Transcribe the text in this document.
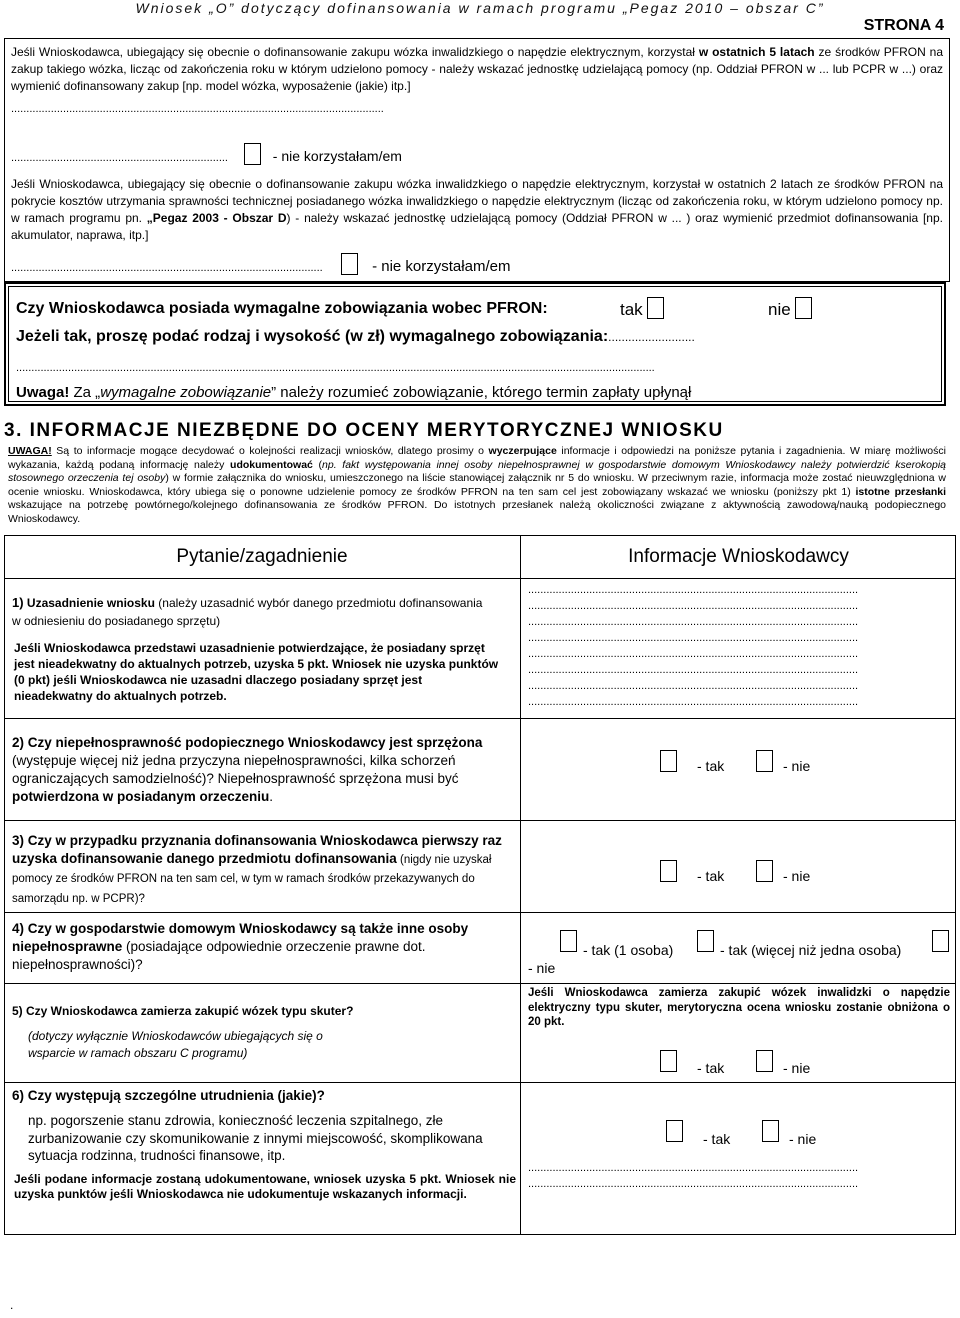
Wniosek „O” dotyczący dofinansowania w ramach programu „Pegaz 2010 – obszar C”
STRONA 4
Jeśli Wnioskodawca, ubiegający się obecnie o dofinansowanie zakupu wózka inwalidzkiego o napędzie elektrycznym, korzystał w ostatnich 5 latach ze środków PFRON na zakup takiego wózka, licząc od zakończenia roku w którym udzielono pomocy - należy wskazać jednostkę udzielającą pomocy (np. Oddział PFRON w ... lub PCPR w ...) oraz wymienić dofinansowany zakup [np. model wózka, wyposażenie (jakie) itp.]
..........................................................................................................................
.......................................................................	- nie korzystałam/em
Jeśli Wnioskodawca, ubiegający się obecnie o dofinansowanie zakupu wózka inwalidzkiego o napędzie elektrycznym, korzystał w ostatnich 2 latach ze środków PFRON na pokrycie kosztów utrzymania sprawności technicznej posiadanego wózka inwalidzkiego o napędzie elektrycznym (licząc od zakończenia roku, w którym udzielono pomocy np. w ramach programu pn. „Pegaz 2003 - Obszar D) - należy wskazać jednostkę udzielającą pomocy (Oddział PFRON w ... ) oraz wymienić przedmiot dofinansowania [np. akumulator, naprawa, itp.]
......................................................................................................	- nie korzystałam/em
Czy Wnioskodawca posiada wymagalne zobowiązania wobec PFRON:	tak	nie
Jeżeli tak, proszę podać rodzaj i wysokość (w zł) wymagalnego zobowiązania:..........................
.................................................................................................................................................................................................................
Uwaga! Za „wymagalne zobowiązanie” należy rozumieć zobowiązanie, którego termin zapłaty upłynął
3. INFORMACJE NIEZBĘDNE DO OCENY MERYTORYCZNEJ WNIOSKU
UWAGA! Są to informacje mogące decydować o kolejności realizacji wniosków, dlatego prosimy o wyczerpujące informacje i odpowiedzi na poniższe pytania i zagadnienia. W miarę możliwości wykazania, każdą podaną informację należy udokumentować (np. fakt występowania innej osoby niepełnosprawnej w gospodarstwie domowym Wnioskodawcy należy potwierdzić kserokopią stosownego orzeczenia tej osoby) w formie załącznika do wniosku, umieszczonego na liście stanowiącej załącznik nr 5 do wniosku. W przeciwnym razie, informacja może zostać nieuwzględniona w ocenie wniosku. Wnioskodawca, który ubiega się o ponowne udzielenie pomocy ze środków PFRON na ten sam cel jest zobowiązany wskazać we wniosku (poniższy pkt 1) istotne przesłanki wskazujące na potrzebę powtórnego/kolejnego dofinansowania ze środków PFRON. Do istotnych przesłanek należą okoliczności związane z aktywnością zawodową/nauką podopiecznego Wnioskodawcy.
Pytanie/zagadnienie	Informacje Wnioskodawcy
1) Uzasadnienie wniosku (należy uzasadnić wybór danego przedmiotu dofinansowania w odniesieniu do posiadanego sprzętu)
Jeśli Wnioskodawca przedstawi uzasadnienie potwierdzające, że posiadany sprzęt jest nieadekwatny do aktualnych potrzeb, uzyska 5 pkt. Wniosek nie uzyska punktów (0 pkt) jeśli Wnioskodawca nie uzasadni dlaczego posiadany sprzęt jest nieadekwatny do aktualnych potrzeb.
............................................................................................................
............................................................................................................
............................................................................................................
............................................................................................................
............................................................................................................
............................................................................................................
............................................................................................................
............................................................................................................
2) Czy niepełnosprawność podopiecznego Wnioskodawcy jest sprzężona (występuje więcej niż jedna przyczyna niepełnosprawności, kilka schorzeń ograniczających samodzielność)? Niepełnosprawność sprzężona musi być potwierdzona w posiadanym orzeczeniu.
- tak	- nie
3) Czy w przypadku przyznania dofinansowania Wnioskodawca pierwszy raz uzyska dofinansowanie danego przedmiotu dofinansowania (nigdy nie uzyskał pomocy ze środków PFRON na ten sam cel, w tym w ramach środków przekazywanych do samorządu np. w PCPR)?
- tak	- nie
4) Czy w gospodarstwie domowym Wnioskodawcy są także inne osoby niepełnosprawne (posiadające odpowiednie orzeczenie prawne dot. niepełnosprawności)?
- tak (1 osoba)	- tak (więcej niż jedna osoba)
- nie
5) Czy Wnioskodawca zamierza zakupić wózek typu skuter?
(dotyczy wyłącznie Wnioskodawców ubiegających się o wsparcie w ramach obszaru C programu)
Jeśli Wnioskodawca zamierza zakupić wózek inwalidzki o napędzie elektryczny typu skuter, merytoryczna ocena wniosku zostanie obniżona o 20 pkt.
- tak	- nie
6) Czy występują szczególne utrudnienia (jakie)?
np. pogorszenie stanu zdrowia, konieczność leczenia szpitalnego, złe zurbanizowanie czy skomunikowanie z innymi miejscowość, skomplikowana sytuacja rodzinna, trudności finansowe, itp.
Jeśli podane informacje zostaną udokumentowane, wniosek uzyska 5 pkt. Wniosek nie uzyska punktów jeśli Wnioskodawca nie udokumentuje wskazanych informacji.
- tak	- nie
............................................................................................................
............................................................................................................
.
